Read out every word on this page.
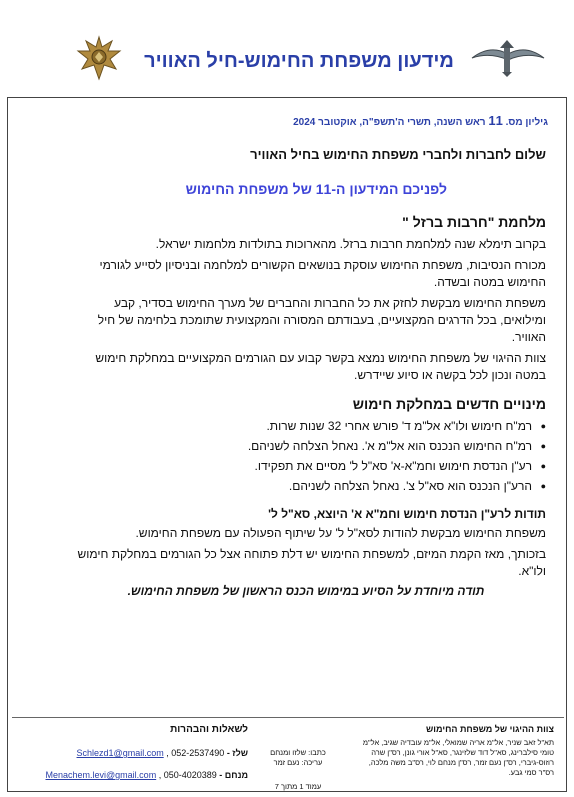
מידעון משפחת החימוש-חיל האוויר
גיליון מס. 11 ראש השנה, תשרי ה'תשפ"ה, אוקטובר 2024
שלום לחברות ולחברי משפחת החימוש בחיל האוויר
לפניכם המידעון ה-11 של משפחת החימוש
מלחמת "חרבות ברזל "
בקרוב תימלא שנה למלחמת חרבות ברזל. מהארוכות בתולדות מלחמות ישראל.
מכורח הנסיבות, משפחת החימוש עוסקת בנושאים הקשורים למלחמה ובניסיון לסייע לגורמי החימוש במטה ובשדה.
משפחת החימוש מבקשת לחזק את כל החברות והחברים של מערך החימוש בסדיר, קבע ומילואים, בכל הדרגים המקצועיים, בעבודתם המסורה והמקצועית שתומכת בלחימה של חיל האוויר.
צוות ההיגוי של משפחת החימוש נמצא בקשר קבוע עם הגורמים המקצועיים במחלקת חימוש במטה ונכון לכל בקשה או סיוע שיידרש.
מינויים חדשים במחלקת חימוש
● רמ"ח חימוש ולו"א אל"מ ד' פורש אחרי 32 שנות שרות.
● רמ"ח החימוש הנכנס הוא אל"מ א'. נאחל הצלחה לשניהם.
● רע"ן הנדסת חימוש וחמ"א-א' סא"ל ל' מסיים את תפקידו.
● הרע"ן הנכנס הוא סא"ל צ'. נאחל הצלחה לשניהם.
תודות לרע"ן הנדסת חימוש וחמ"א א' היוצא, סא"ל ל'
משפחת החימוש מבקשת להודות לסא"ל ל' על שיתוף הפעולה עם משפחת החימוש.
בזכותך, מאז הקמת המיזם, למשפחת החימוש יש דלת פתוחה אצל כל הגורמים במחלקת חימוש ולו"א.
תודה מיוחדת על הסיוע במימוש הכנס הראשון של משפחת החימוש.
צוות ההיגוי של משפחת החימוש
תא"ל זאב שניר, אל"מ אריה שמואלי, אל"מ עובדיה שגיב, אל"מ טומי סילברינג, סא"ל דוד שלזינגר, סא"ל אורי גונן, רס"ן שרה רוזוס-גיברי, רס"ן נעם זמר, רס"ן מנחם לוי, רס"ב משה מלכה, רס"ר סמי גבע.
כתבו: שלזו ומנחם
עריכה: נעם זמר
עמוד 1 מתוך 7
לשאלות והבהרות
שלז - 052-2537490 , Schlezd1@gmail.com
מנחם - 050-4020389 , Menachem.levi@gmail.com
